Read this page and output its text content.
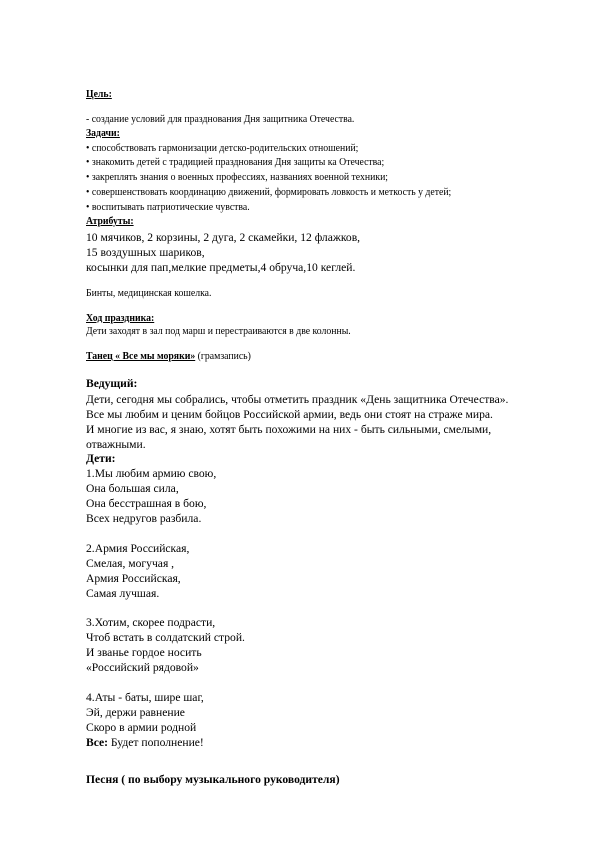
Цель:
- создание условий для празднования Дня защитника Отечества.
Задачи:
• способствовать гармонизации детско-родительских отношений;
• знакомить детей с традицией празднования Дня защиты ка Отечества;
• закреплять знания о военных профессиях, названиях военной техники;
• совершенствовать координацию движений, формировать ловкость и меткость у детей;
• воспитывать патриотические чувства.
Атрибуты:
10 мячиков, 2 корзины, 2 дуга, 2 скамейки, 12 флажков,
15 воздушных шариков,
косынки для пап,мелкие предметы,4 обруча,10 кеглей.
Бинты, медицинская кошелка.
Ход праздника:
Дети заходят в зал под марш и перестраиваются в две колонны.
Танец « Все мы моряки» (грамзапись)
Ведущий:
Дети, сегодня мы собрались, чтобы отметить праздник «День защитника Отечества».
Все мы любим и ценим бойцов Российской армии, ведь они стоят на страже мира.
И многие из вас, я знаю, хотят быть похожими на них - быть сильными, смелыми,
отважными.
Дети:
1.Мы любим армию свою,
Она большая сила,
Она бесстрашная в бою,
Всех недругов разбила.
2.Армия Российская,
Смелая, могучая ,
Армия Российская,
Самая лучшая.
3.Хотим, скорее подрасти,
Чтоб встать в солдатский строй.
И званье гордое носить
«Российский рядовой»
4.Аты - баты, шире шаг,
Эй, держи равнение
Скоро в армии родной
Все: Будет пополнение!
Песня ( по выбору музыкального руководителя)
